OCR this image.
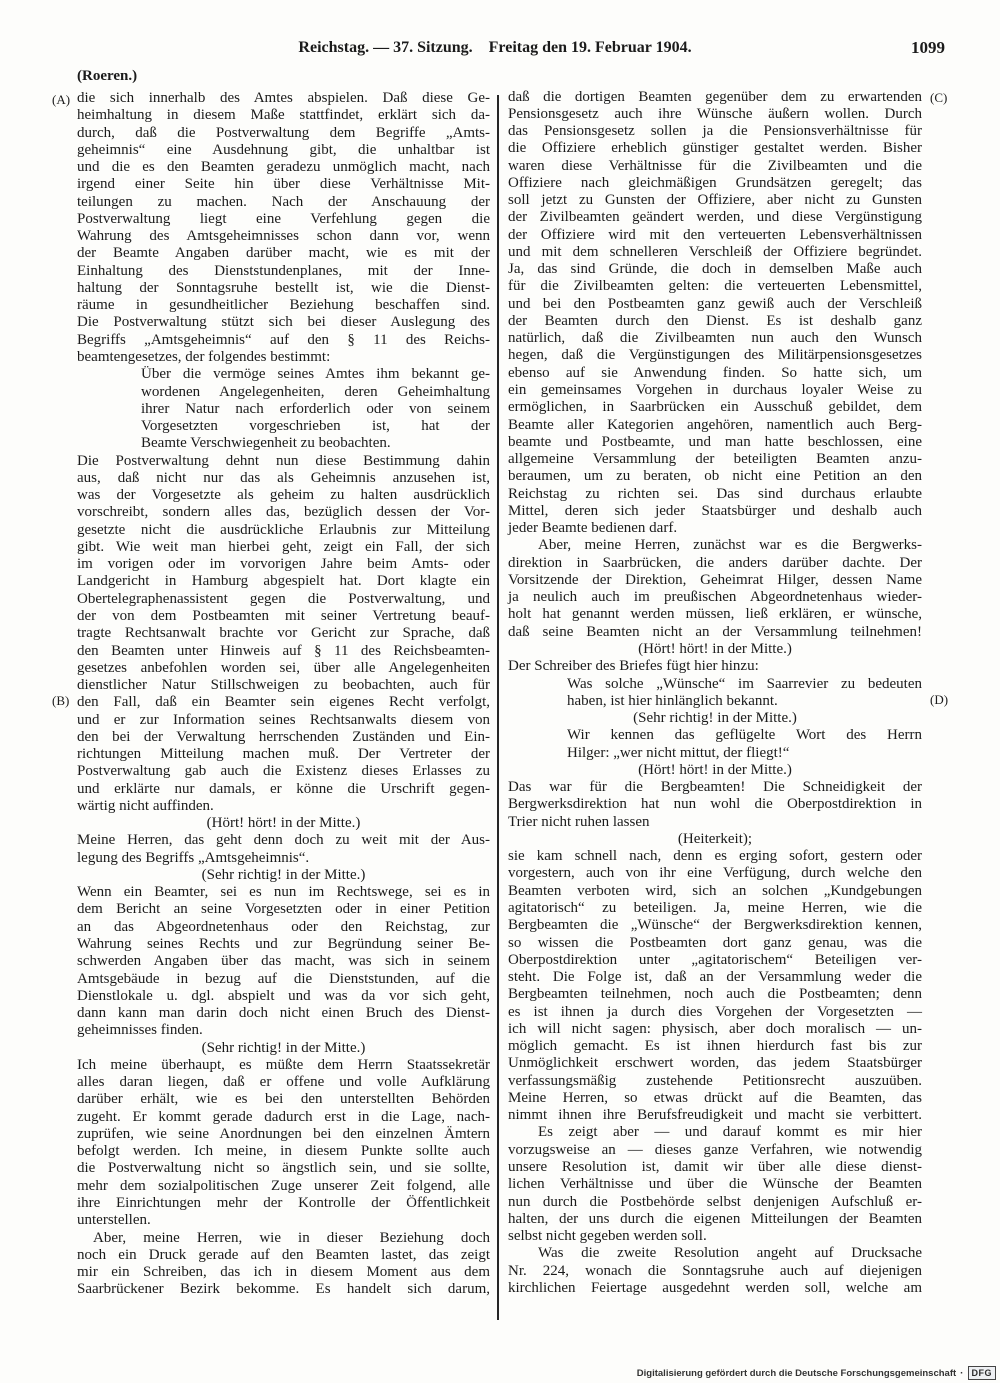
Reichstag. — 37. Sitzung. Freitag den 19. Februar 1904.	1099
(Roeren.)
(A)
(B)
(C)
(D)
die sich innerhalb des Amtes abspielen. Daß diese Ge-
heimhaltung in diesem Maße stattfindet, erklärt sich da-
durch, daß die Postverwaltung dem Begriffe „Amts-
geheimnis“ eine Ausdehnung gibt, die unhaltbar ist
und die es den Beamten geradezu unmöglich macht, nach
irgend einer Seite hin über diese Verhältnisse Mit-
teilungen zu machen. Nach der Anschauung der
Postverwaltung liegt eine Verfehlung gegen die
Wahrung des Amtsgeheimnisses schon dann vor, wenn
der Beamte Angaben darüber macht, wie es mit der
Einhaltung des Dienststundenplanes, mit der Inne-
haltung der Sonntagsruhe bestellt ist, wie die Dienst-
räume in gesundheitlicher Beziehung beschaffen sind.
Die Postverwaltung stützt sich bei dieser Auslegung des
Begriffs „Amtsgeheimnis“ auf den § 11 des Reichs-
beamtengesetzes, der folgendes bestimmt:
Über die vermöge seines Amtes ihm bekannt ge-
wordenen Angelegenheiten, deren Geheimhaltung
ihrer Natur nach erforderlich oder von seinem
Vorgesetzten vorgeschrieben ist, hat der
Beamte Verschwiegenheit zu beobachten.
Die Postverwaltung dehnt nun diese Bestimmung dahin
aus, daß nicht nur das als Geheimnis anzusehen ist,
was der Vorgesetzte als geheim zu halten ausdrücklich
vorschreibt, sondern alles das, bezüglich dessen der Vor-
gesetzte nicht die ausdrückliche Erlaubnis zur Mitteilung
gibt. Wie weit man hierbei geht, zeigt ein Fall, der sich
im vorigen oder im vorvorigen Jahre beim Amts- oder
Landgericht in Hamburg abgespielt hat. Dort klagte ein
Obertelegraphenassistent gegen die Postverwaltung, und
der von dem Postbeamten mit seiner Vertretung beauf-
tragte Rechtsanwalt brachte vor Gericht zur Sprache, daß
den Beamten unter Hinweis auf § 11 des Reichsbeamten-
gesetzes anbefohlen worden sei, über alle Angelegenheiten
dienstlicher Natur Stillschweigen zu beobachten, auch für
den Fall, daß ein Beamter sein eigenes Recht verfolgt,
und er zur Information seines Rechtsanwalts diesem von
den bei der Verwaltung herrschenden Zuständen und Ein-
richtungen Mitteilung machen muß. Der Vertreter der
Postverwaltung gab auch die Existenz dieses Erlasses zu
und erklärte nur damals, er könne die Urschrift gegen-
wärtig nicht auffinden.
(Hört! hört! in der Mitte.)
Meine Herren, das geht denn doch zu weit mit der Aus-
legung des Begriffs „Amtsgeheimnis“.
(Sehr richtig! in der Mitte.)
Wenn ein Beamter, sei es nun im Rechtswege, sei es in
dem Bericht an seine Vorgesetzten oder in einer Petition
an das Abgeordnetenhaus oder den Reichstag, zur
Wahrung seines Rechts und zur Begründung seiner Be-
schwerden Angaben über das macht, was sich in seinem
Amtsgebäude in bezug auf die Dienststunden, auf die
Dienstlokale u. dgl. abspielt und was da vor sich geht,
dann kann man darin doch nicht einen Bruch des Dienst-
geheimnisses finden.
(Sehr richtig! in der Mitte.)
Ich meine überhaupt, es müßte dem Herrn Staatssekretär
alles daran liegen, daß er offene und volle Aufklärung
darüber erhält, wie es bei den unterstellten Behörden
zugeht. Er kommt gerade dadurch erst in die Lage, nach-
zuprüfen, wie seine Anordnungen bei den einzelnen Ämtern
befolgt werden. Ich meine, in diesem Punkte sollte auch
die Postverwaltung nicht so ängstlich sein, und sie sollte,
mehr dem sozialpolitischen Zuge unserer Zeit folgend, alle
ihre Einrichtungen mehr der Kontrolle der Öffentlichkeit
unterstellen.
Aber, meine Herren, wie in dieser Beziehung doch
noch ein Druck gerade auf den Beamten lastet, das zeigt
mir ein Schreiben, das ich in diesem Moment aus dem
Saarbrückener Bezirk bekomme. Es handelt sich darum,
daß die dortigen Beamten gegenüber dem zu erwartenden
Pensionsgesetz auch ihre Wünsche äußern wollen. Durch
das Pensionsgesetz sollen ja die Pensionsverhältnisse für
die Offiziere erheblich günstiger gestaltet werden. Bisher
waren diese Verhältnisse für die Zivilbeamten und die
Offiziere nach gleichmäßigen Grundsätzen geregelt; das
soll jetzt zu Gunsten der Offiziere, aber nicht zu Gunsten
der Zivilbeamten geändert werden, und diese Vergünstigung
der Offiziere wird mit den verteuerten Lebensverhältnissen
und mit dem schnelleren Verschleiß der Offiziere begründet.
Ja, das sind Gründe, die doch in demselben Maße auch
für die Zivilbeamten gelten: die verteuerten Lebensmittel,
und bei den Postbeamten ganz gewiß auch der Verschleiß
der Beamten durch den Dienst. Es ist deshalb ganz
natürlich, daß die Zivilbeamten nun auch den Wunsch
hegen, daß die Vergünstigungen des Militärpensionsgesetzes
ebenso auf sie Anwendung finden. So hatte sich, um
ein gemeinsames Vorgehen in durchaus loyaler Weise zu
ermöglichen, in Saarbrücken ein Ausschuß gebildet, dem
Beamte aller Kategorien angehören, namentlich auch Berg-
beamte und Postbeamte, und man hatte beschlossen, eine
allgemeine Versammlung der beteiligten Beamten anzu-
beraumen, um zu beraten, ob nicht eine Petition an den
Reichstag zu richten sei. Das sind durchaus erlaubte
Mittel, deren sich jeder Staatsbürger und deshalb auch
jeder Beamte bedienen darf.
Aber, meine Herren, zunächst war es die Bergwerks-
direktion in Saarbrücken, die anders darüber dachte. Der
Vorsitzende der Direktion, Geheimrat Hilger, dessen Name
ja neulich auch im preußischen Abgeordnetenhaus wieder-
holt hat genannt werden müssen, ließ erklären, er wünsche,
daß seine Beamten nicht an der Versammlung teilnehmen!
(Hört! hört! in der Mitte.)
Der Schreiber des Briefes fügt hier hinzu:
Was solche „Wünsche“ im Saarrevier zu bedeuten
haben, ist hier hinlänglich bekannt.
(Sehr richtig! in der Mitte.)
Wir kennen das geflügelte Wort des Herrn
Hilger: „wer nicht mittut, der fliegt!“
(Hört! hört! in der Mitte.)
Das war für die Bergbeamten! Die Schneidigkeit der
Bergwerksdirektion hat nun wohl die Oberpostdirektion in
Trier nicht ruhen lassen
(Heiterkeit);
sie kam schnell nach, denn es erging sofort, gestern oder
vorgestern, auch von ihr eine Verfügung, durch welche den
Beamten verboten wird, sich an solchen „Kundgebungen
agitatorisch“ zu beteiligen. Ja, meine Herren, wie die
Bergbeamten die „Wünsche“ der Bergwerksdirektion kennen,
so wissen die Postbeamten dort ganz genau, was die
Oberpostdirektion unter „agitatorischem“ Beteiligen ver-
steht. Die Folge ist, daß an der Versammlung weder die
Bergbeamten teilnehmen, noch auch die Postbeamten; denn
es ist ihnen ja durch dies Vorgehen der Vorgesetzten —
ich will nicht sagen: physisch, aber doch moralisch — un-
möglich gemacht. Es ist ihnen hierdurch fast bis zur
Unmöglichkeit erschwert worden, das jedem Staatsbürger
verfassungsmäßig zustehende Petitionsrecht auszuüben.
Meine Herren, so etwas drückt auf die Beamten, das
nimmt ihnen ihre Berufsfreudigkeit und macht sie verbittert.
Es zeigt aber — und darauf kommt es mir hier
vorzugsweise an — dieses ganze Verfahren, wie notwendig
unsere Resolution ist, damit wir über alle diese dienst-
lichen Verhältnisse und über die Wünsche der Beamten
nun durch die Postbehörde selbst denjenigen Aufschluß er-
halten, der uns durch die eigenen Mitteilungen der Beamten
selbst nicht gegeben werden soll.
Was die zweite Resolution angeht auf Drucksache
Nr. 224, wonach die Sonntagsruhe auch auf diejenigen
kirchlichen Feiertage ausgedehnt werden soll, welche am
Digitalisierung gefördert durch die Deutsche Forschungsgemeinschaft · DFG
